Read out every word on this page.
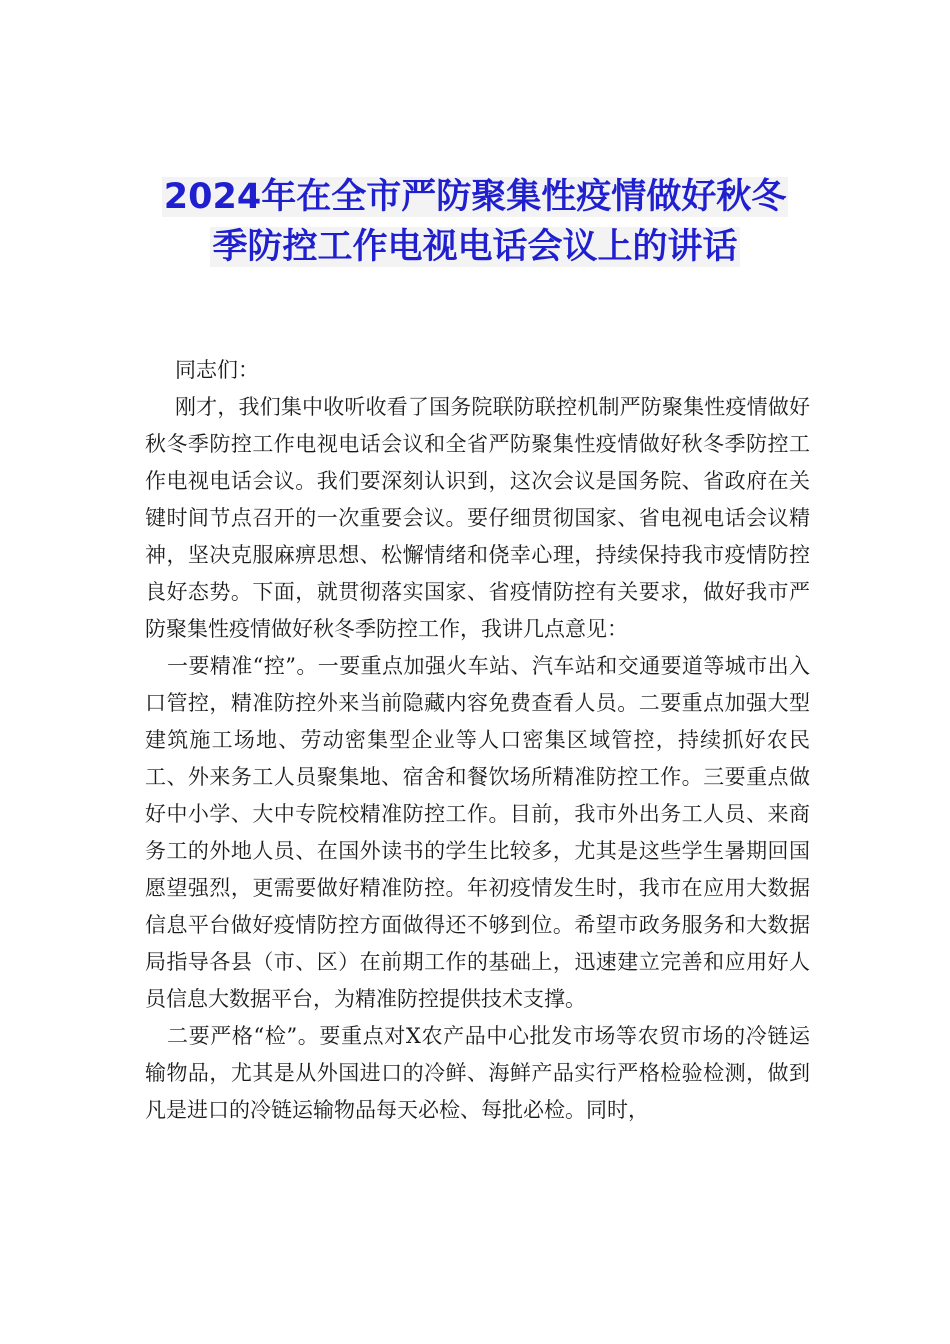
2024年在全市严防聚集性疫情做好秋冬
季防控工作电视电话会议上的讲话

同志们：

刚才，我们集中收听收看了国务院联防联控机制严防聚集性疫情做好秋冬季防控工作电视电话会议和全省严防聚集性疫情做好秋冬季防控工作电视电话会议。我们要深刻认识到，这次会议是国务院、省政府在关键时间节点召开的一次重要会议。要仔细贯彻国家、省电视电话会议精神，坚决克服麻痹思想、松懈情绪和侥幸心理，持续保持我市疫情防控良好态势。下面，就贯彻落实国家、省疫情防控有关要求，做好我市严防聚集性疫情做好秋冬季防控工作，我讲几点意见：

一要精准“控”。一要重点加强火车站、汽车站和交通要道等城市出入口管控，精准防控外来当前隐藏内容免费查看人员。二要重点加强大型建筑施工场地、劳动密集型企业等人口密集区域管控，持续抓好农民工、外来务工人员聚集地、宿舍和餐饮场所精准防控工作。三要重点做好中小学、大中专院校精准防控工作。目前，我市外出务工人员、来商务工的外地人员、在国外读书的学生比较多，尤其是这些学生暑期回国愿望强烈，更需要做好精准防控。年初疫情发生时，我市在应用大数据信息平台做好疫情防控方面做得还不够到位。希望市政务服务和大数据局指导各县（市、区）在前期工作的基础上，迅速建立完善和应用好人员信息大数据平台，为精准防控提供技术支撑。

二要严格“检”。要重点对X农产品中心批发市场等农贸市场的冷链运输物品，尤其是从外国进口的冷鲜、海鲜产品实行严格检验检测，做到凡是进口的冷链运输物品每天必检、每批必检。同时，
